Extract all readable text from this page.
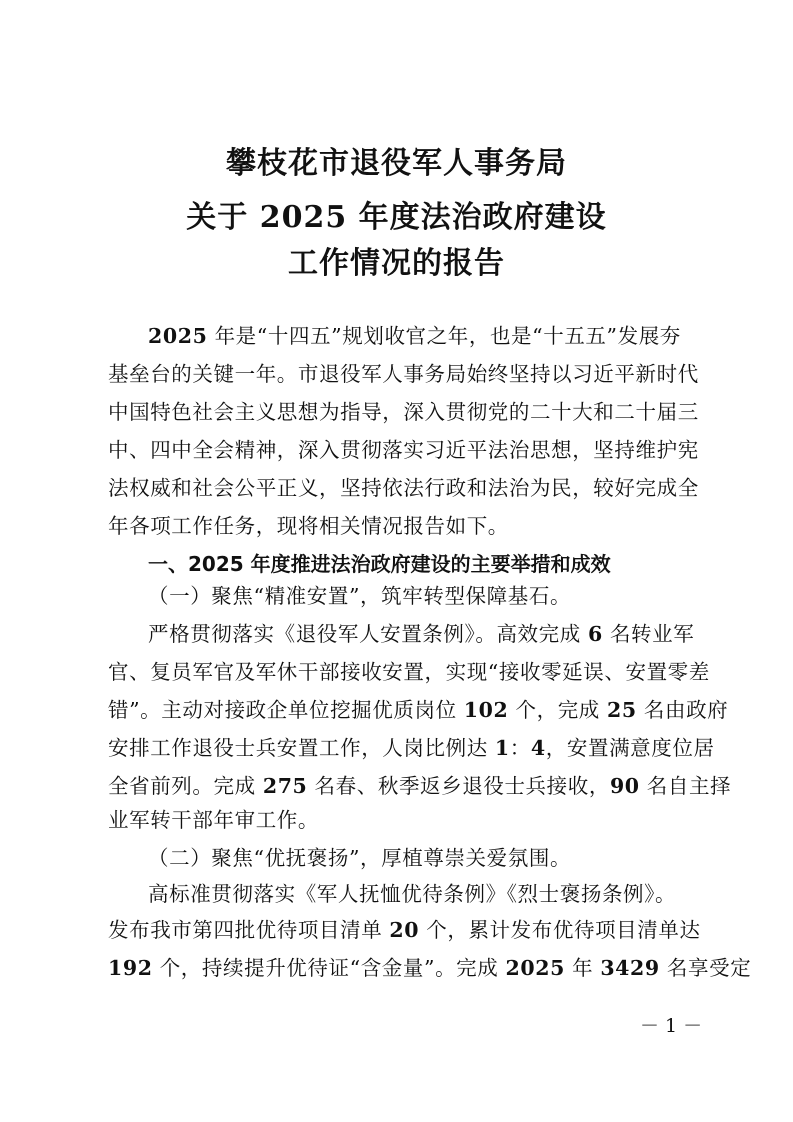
攀枝花市退役军人事务局
关于 2025 年度法治政府建设
工作情况的报告
2025 年是“十四五”规划收官之年，也是“十五五”发展夯
基垒台的关键一年。市退役军人事务局始终坚持以习近平新时代
中国特色社会主义思想为指导，深入贯彻党的二十大和二十届三
中、四中全会精神，深入贯彻落实习近平法治思想，坚持维护宪
法权威和社会公平正义，坚持依法行政和法治为民，较好完成全
年各项工作任务，现将相关情况报告如下。
一、2025 年度推进法治政府建设的主要举措和成效
（一）聚焦“精准安置”，筑牢转型保障基石。
严格贯彻落实《退役军人安置条例》。高效完成 6 名转业军
官、复员军官及军休干部接收安置，实现“接收零延误、安置零差
错”。主动对接政企单位挖掘优质岗位 102 个，完成 25 名由政府
安排工作退役士兵安置工作，人岗比例达 1：4，安置满意度位居
全省前列。完成 275 名春、秋季返乡退役士兵接收，90 名自主择
业军转干部年审工作。
（二）聚焦“优抚褒扬”，厚植尊崇关爱氛围。
高标准贯彻落实《军人抚恤优待条例》《烈士褒扬条例》。
发布我市第四批优待项目清单 20 个，累计发布优待项目清单达
192 个，持续提升优待证“含金量”。完成 2025 年 3429 名享受定
－ 1 －
